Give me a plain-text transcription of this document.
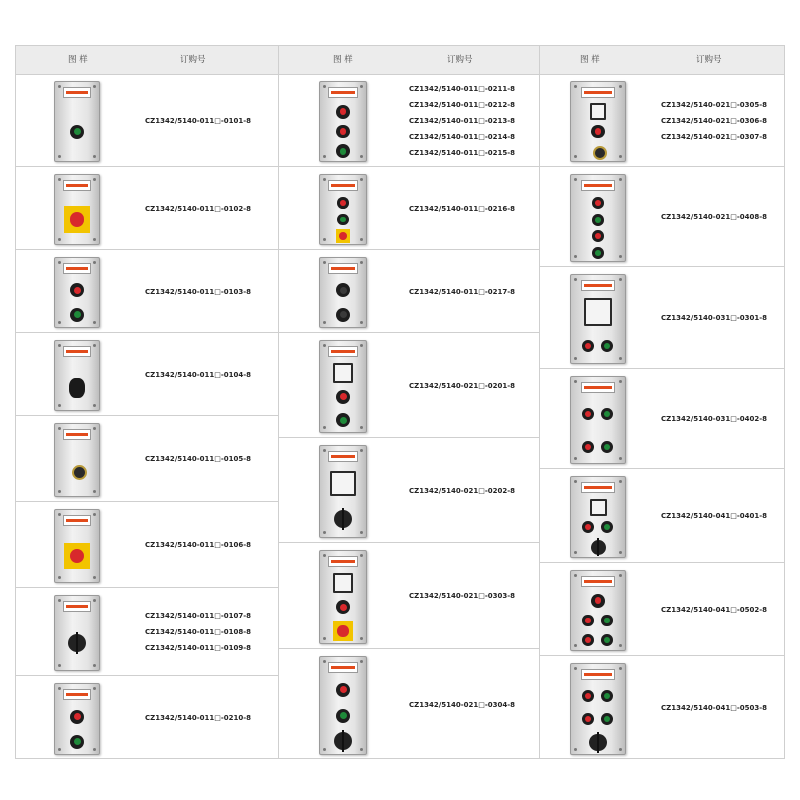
图 样	订购号
CZ1342/5140-011□-0101-8
CZ1342/5140-011□-0102-8
CZ1342/5140-011□-0103-8
CZ1342/5140-011□-0104-8
CZ1342/5140-011□-0105-8
CZ1342/5140-011□-0106-8
CZ1342/5140-011□-0107-8
CZ1342/5140-011□-0108-8
CZ1342/5140-011□-0109-8
CZ1342/5140-011□-0210-8
图 样	订购号
CZ1342/5140-011□-0211-8
CZ1342/5140-011□-0212-8
CZ1342/5140-011□-0213-8
CZ1342/5140-011□-0214-8
CZ1342/5140-011□-0215-8
CZ1342/5140-011□-0216-8
CZ1342/5140-011□-0217-8
CZ1342/5140-021□-0201-8
CZ1342/5140-021□-0202-8
CZ1342/5140-021□-0303-8
CZ1342/5140-021□-0304-8
图 样	订购号
CZ1342/5140-021□-0305-8
CZ1342/5140-021□-0306-8
CZ1342/5140-021□-0307-8
CZ1342/5140-021□-0408-8
CZ1342/5140-031□-0301-8
CZ1342/5140-031□-0402-8
CZ1342/5140-041□-0401-8
CZ1342/5140-041□-0502-8
CZ1342/5140-041□-0503-8
